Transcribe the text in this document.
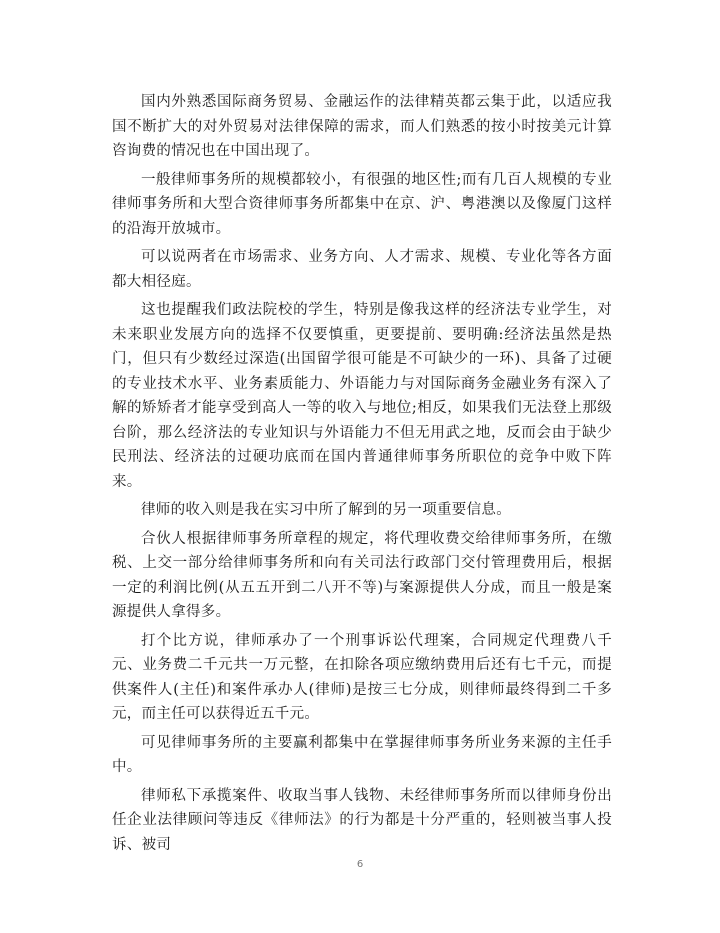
国内外熟悉国际商务贸易、金融运作的法律精英都云集于此，以适应我国不断扩大的对外贸易对法律保障的需求，而人们熟悉的按小时按美元计算咨询费的情况也在中国出现了。

一般律师事务所的规模都较小，有很强的地区性;而有几百人规模的专业律师事务所和大型合资律师事务所都集中在京、沪、粤港澳以及像厦门这样的沿海开放城市。

可以说两者在市场需求、业务方向、人才需求、规模、专业化等各方面都大相径庭。

这也提醒我们政法院校的学生，特别是像我这样的经济法专业学生，对未来职业发展方向的选择不仅要慎重，更要提前、要明确:经济法虽然是热门，但只有少数经过深造(出国留学很可能是不可缺少的一环)、具备了过硬的专业技术水平、业务素质能力、外语能力与对国际商务金融业务有深入了解的矫矫者才能享受到高人一等的收入与地位;相反，如果我们无法登上那级台阶，那么经济法的专业知识与外语能力不但无用武之地，反而会由于缺少民刑法、经济法的过硬功底而在国内普通律师事务所职位的竞争中败下阵来。

律师的收入则是我在实习中所了解到的另一项重要信息。

合伙人根据律师事务所章程的规定，将代理收费交给律师事务所，在缴税、上交一部分给律师事务所和向有关司法行政部门交付管理费用后，根据一定的利润比例(从五五开到二八开不等)与案源提供人分成，而且一般是案源提供人拿得多。

打个比方说，律师承办了一个刑事诉讼代理案，合同规定代理费八千元、业务费二千元共一万元整，在扣除各项应缴纳费用后还有七千元，而提供案件人(主任)和案件承办人(律师)是按三七分成，则律师最终得到二千多元，而主任可以获得近五千元。

可见律师事务所的主要赢利都集中在掌握律师事务所业务来源的主任手中。

律师私下承揽案件、收取当事人钱物、未经律师事务所而以律师身份出任企业法律顾问等违反《律师法》的行为都是十分严重的，轻则被当事人投诉、被司

6
